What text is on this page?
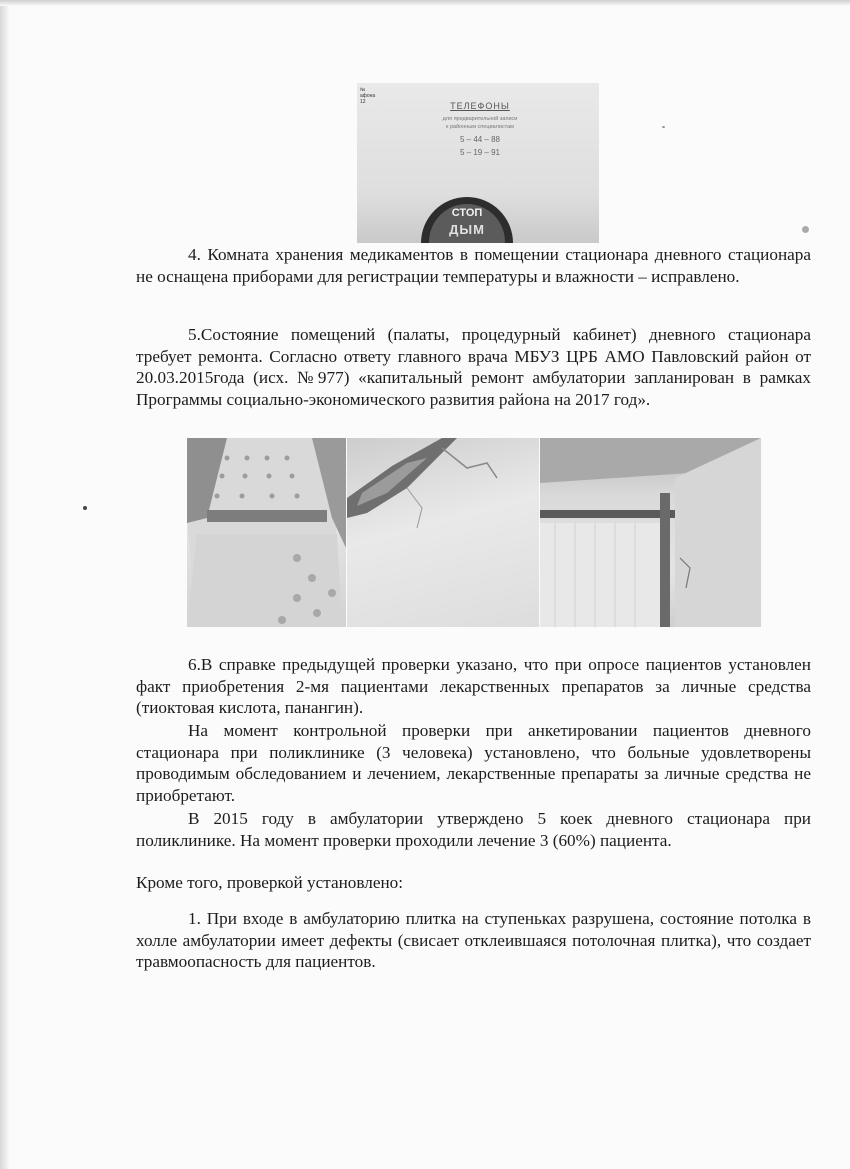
№
афона
12	ТЕЛЕФОНЫ
для предварительной записи
к районным специалистам
5 – 44 – 88
5 – 19 – 91
СТОП
ДЫМ

4. Комната хранения медикаментов в помещении стационара дневного стационара не оснащена приборами для регистрации температуры и влажности – исправлено.

5.Состояние помещений (палаты, процедурный кабинет) дневного стационара требует ремонта. Согласно ответу главного врача МБУЗ ЦРБ АМО Павловский район от 20.03.2015года (исх. №977) «капитальный ремонт амбулатории запланирован в рамках Программы социально-экономического развития района на 2017 год».

6.В справке предыдущей проверки указано, что при опросе пациентов установлен факт приобретения 2-мя пациентами лекарственных препаратов за личные средства (тиоктовая кислота, панангин).

На момент контрольной проверки при анкетировании пациентов дневного стационара при поликлинике (3 человека) установлено, что больные удовлетворены проводимым обследованием и лечением, лекарственные препараты за личные средства не приобретают.

В 2015 году в амбулатории утверждено 5 коек дневного стационара при поликлинике. На момент проверки проходили лечение 3 (60%) пациента.

Кроме того, проверкой установлено:

1. При входе в амбулаторию плитка на ступеньках разрушена, состояние потолка в холле амбулатории имеет дефекты (свисает отклеившаяся потолочная плитка), что создает травмоопасность для пациентов.
